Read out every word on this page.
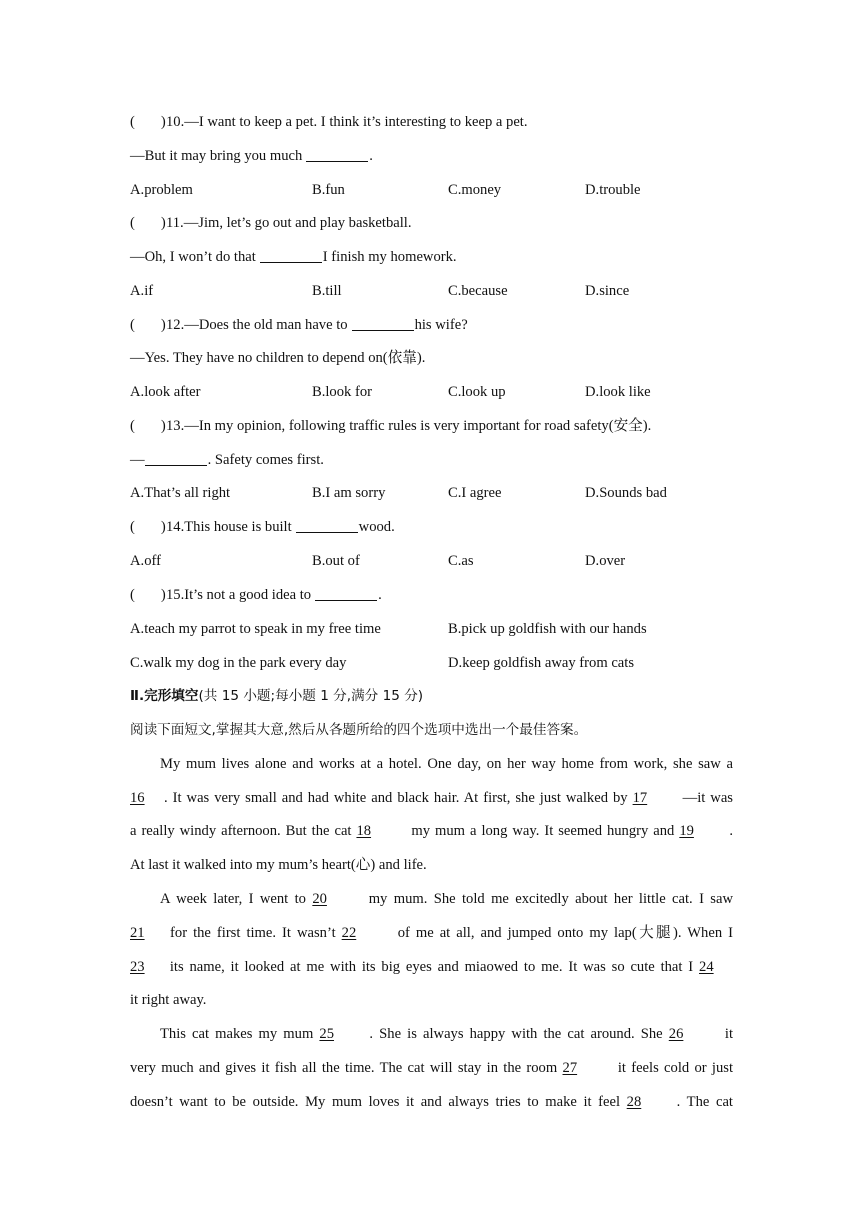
( )10.—I want to keep a pet. I think it’s interesting to keep a pet.
—But it may bring you much	.
A.problem	B.fun	C.money	D.trouble
( )11.—Jim, let’s go out and play basketball.
—Oh, I won’t do that	I finish my homework.
A.if	B.till	C.because	D.since
( )12.—Does the old man have to	his wife?
—Yes. They have no children to depend on(依靠).
A.look after	B.look for	C.look up	D.look like
( )13.—In my opinion, following traffic rules is very important for road safety(安全).
—	. Safety comes first.
A.That’s all right	B.I am sorry	C.I agree	D.Sounds bad
( )14.This house is built	wood.
A.off	B.out of	C.as	D.over
( )15.It’s not a good idea to	.
A.teach my parrot to speak in my free time	B.pick up goldfish with our hands
C.walk my dog in the park every day	D.keep goldfish away from cats
Ⅱ.完形填空(共 15 小题;每小题 1 分,满分 15 分)
阅读下面短文,掌握其大意,然后从各题所给的四个选项中选出一个最佳答案。
My mum lives alone and works at a hotel. One day, on her way home from work, she saw a
16 . It was very small and had white and black hair. At first, she just walked by 17 —it was
a really windy afternoon. But the cat 18	my mum a long way. It seemed hungry and 19 .
At last it walked into my mum’s heart(心) and life.
A week later, I went to 20	my mum. She told me excitedly about her little cat. I saw
21 for the first time. It wasn’t 22	of me at all, and jumped onto my lap(大腿). When I
23 its name, it looked at me with its big eyes and miaowed to me. It was so cute that I 24
it right away.
This cat makes my mum 25 . She is always happy with the cat around. She 26	it
very much and gives it fish all the time. The cat will stay in the room 27	it feels cold or just
doesn’t want to be outside. My mum loves it and always tries to make it feel 28 . The cat
